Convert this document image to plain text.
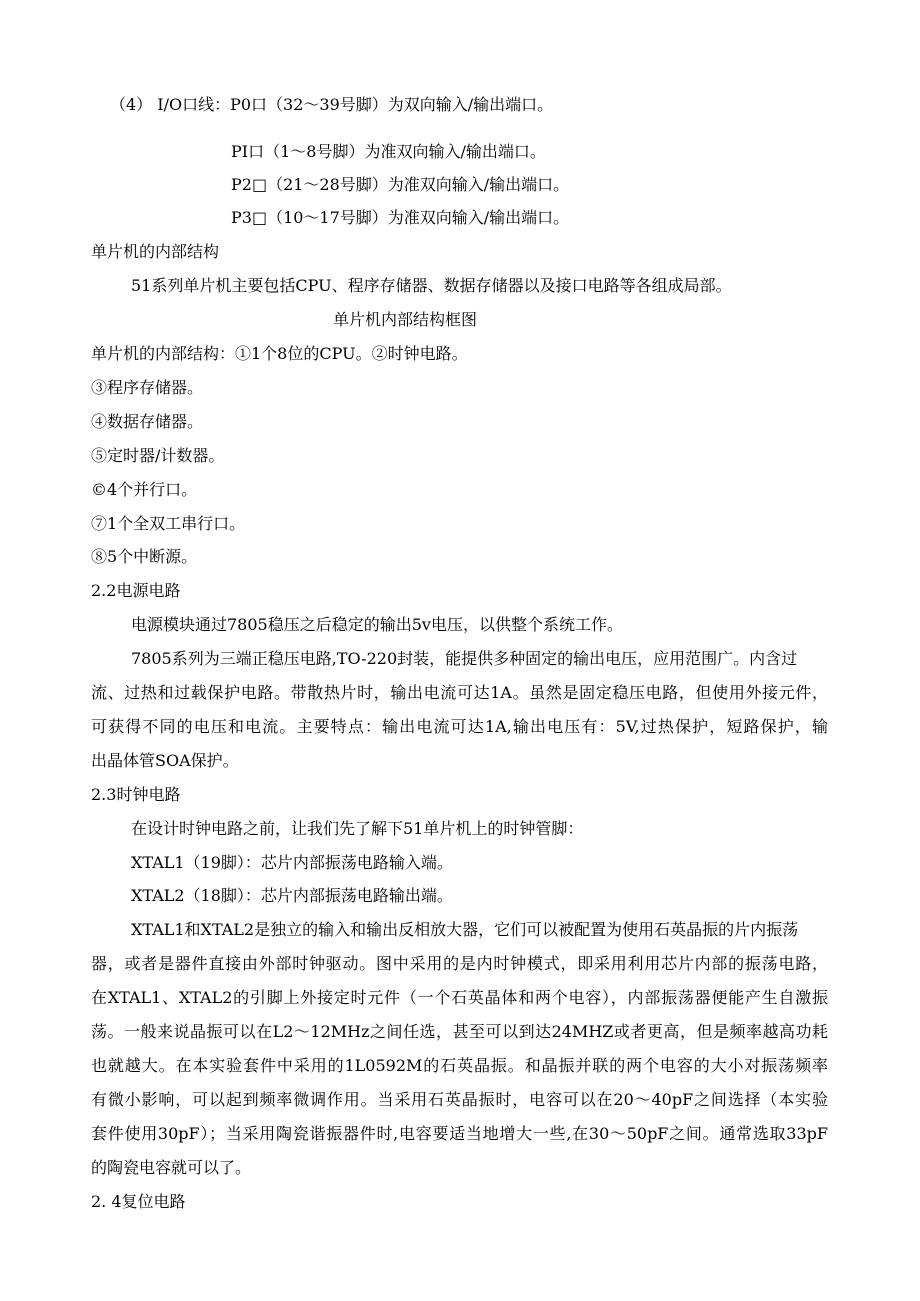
（4） I/O口线：P0口（32～39号脚）为双向输入/输出端口。
PI口（1～8号脚）为准双向输入/输出端口。
P2□（21～28号脚）为准双向输入/输出端口。
P3□（10～17号脚）为准双向输入/输出端口。
单片机的内部结构
51系列单片机主要包括CPU、程序存储器、数据存储器以及接口电路等各组成局部。
单片机内部结构框图
单片机的内部结构：①1个8位的CPU。②时钟电路。
③程序存储器。
④数据存储器。
⑤定时器/计数器。
©4个并行口。
⑦1个全双工串行口。
⑧5个中断源。
2.2电源电路
电源模块通过7805稳压之后稳定的输出5v电压，以供整个系统工作。
7805系列为三端正稳压电路,TO-220封装，能提供多种固定的输出电压，应用范围广。内含过
流、过热和过载保护电路。带散热片时，输出电流可达1A。虽然是固定稳压电路，但使用外接元件，
可获得不同的电压和电流。主要特点：输出电流可达1A,输出电压有：5V,过热保护，短路保护，输
出晶体管SOA保护。
2.3时钟电路
在设计时钟电路之前，让我们先了解下51单片机上的时钟管脚：
XTAL1（19脚）：芯片内部振荡电路输入端。
XTAL2（18脚）：芯片内部振荡电路输出端。
XTAL1和XTAL2是独立的输入和输出反相放大器，它们可以被配置为使用石英晶振的片内振荡
器，或者是器件直接由外部时钟驱动。图中采用的是内时钟模式，即采用利用芯片内部的振荡电路，
在XTAL1、XTAL2的引脚上外接定时元件（一个石英晶体和两个电容），内部振荡器便能产生自激振
荡。一般来说晶振可以在L2～12MHz之间任选，甚至可以到达24MHZ或者更高，但是频率越高功耗
也就越大。在本实验套件中采用的1L0592M的石英晶振。和晶振并联的两个电容的大小对振荡频率
有微小影响，可以起到频率微调作用。当采用石英晶振时，电容可以在20～40pF之间选择（本实验
套件使用30pF）；当采用陶瓷谐振器件时,电容要适当地增大一些,在30～50pF之间。通常选取33pF
的陶瓷电容就可以了。
2. 4复位电路
